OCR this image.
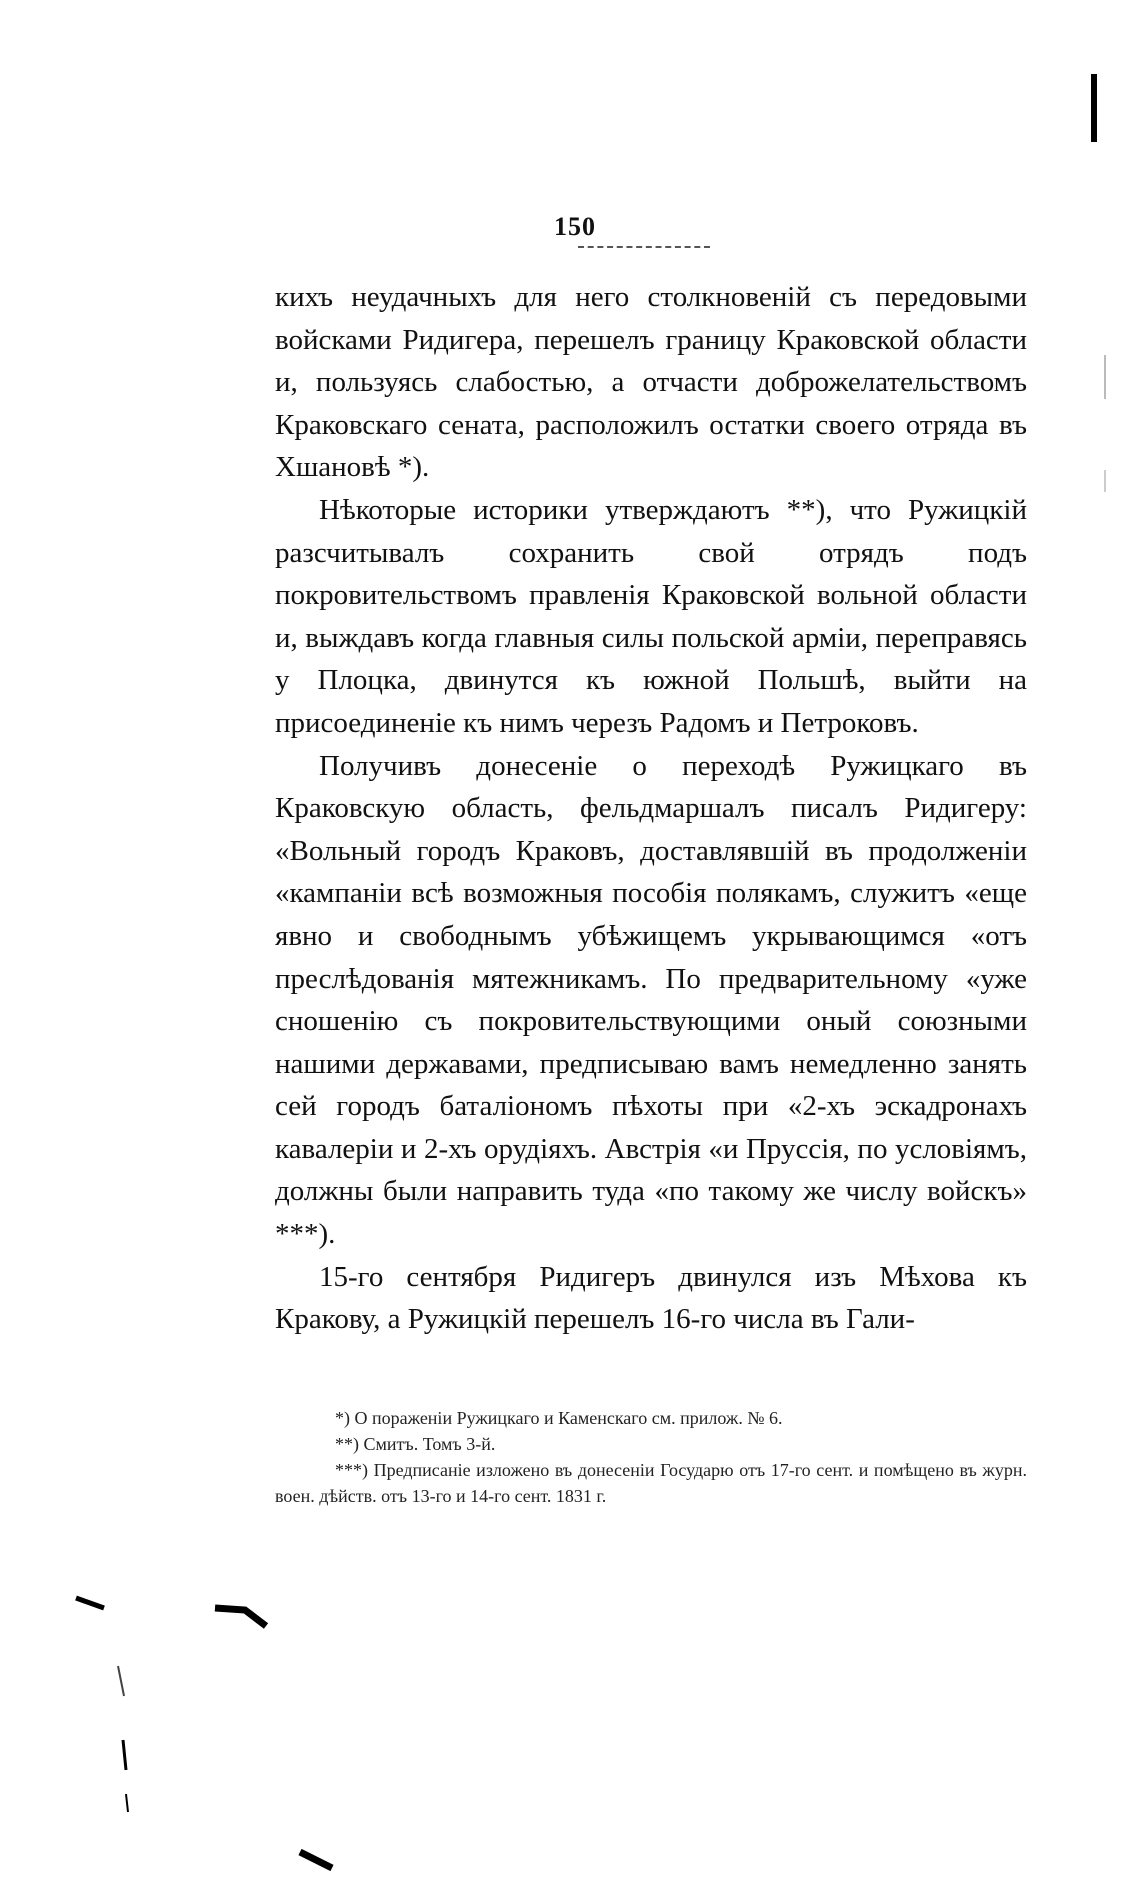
150

кихъ неудачныхъ для него столкновеній съ передовыми войсками Ридигера, перешелъ границу Краковской области и, пользуясь слабостью, а отчасти доброжелательствомъ Краковскаго сената, расположилъ остатки своего отряда въ Хшановѣ *).

Нѣкоторые историки утверждаютъ **), что Ружицкій разсчитывалъ сохранить свой отрядъ подъ покровительствомъ правленія Краковской вольной области и, выждавъ когда главныя силы польской арміи, переправясь у Плоцка, двинутся къ южной Польшѣ, выйти на присоединеніе къ нимъ черезъ Радомъ и Петроковъ.

Получивъ донесеніе о переходѣ Ружицкаго въ Краковскую область, фельдмаршалъ писалъ Ридигеру: «Вольный городъ Краковъ, доставлявшій въ продолженіи «кампаніи всѣ возможныя пособія полякамъ, служитъ «еще явно и свободнымъ убѣжищемъ укрывающимся «отъ преслѣдованія мятежникамъ. По предварительному «уже сношенію съ покровительствующими оный союзными нашими державами, предписываю вамъ немедленно занять сей городъ баталіономъ пѣхоты при «2-хъ эскадронахъ кавалеріи и 2-хъ орудіяхъ. Австрія «и Пруссія, по условіямъ, должны были направить туда «по такому же числу войскъ» ***).

15-го сентября Ридигеръ двинулся изъ Мѣхова къ Кракову, а Ружицкій перешелъ 16-го числа въ Гали-

*) О пораженіи Ружицкаго и Каменскаго см. прилож. № 6.

**) Смитъ. Томъ 3-й.

***) Предписаніе изложено въ донесеніи Государю отъ 17-го сент. и помѣщено въ журн. воен. дѣйств. отъ 13-го и 14-го сент. 1831 г.
